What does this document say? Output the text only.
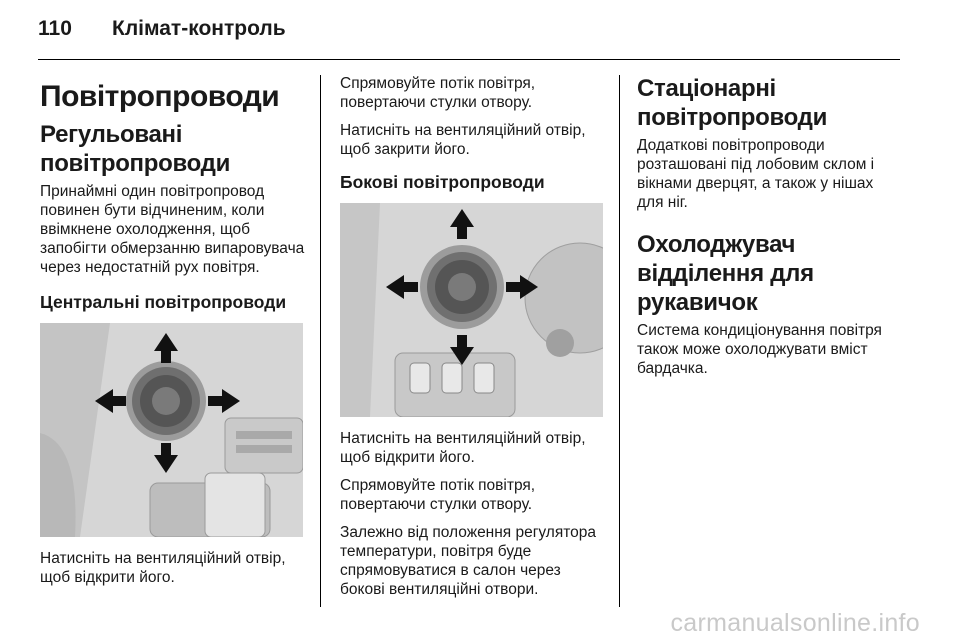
110	Клімат-контроль
Повітропроводи
Регульовані повітропроводи

Принаймні один повітропровод повинен бути відчиненим, коли ввімкнене охолодження, щоб запобігти обмерзанню випаровувача через недостатній рух повітря.

Центральні повітропроводи

Натисніть на вентиляційний отвір, щоб відкрити його.

Спрямовуйте потік повітря, повертаючи стулки отвору.

Натисніть на вентиляційний отвір, щоб закрити його.

Бокові повітропроводи

Натисніть на вентиляційний отвір, щоб відкрити його.

Спрямовуйте потік повітря, повертаючи стулки отвору.

Залежно від положення регулятора температури, повітря буде спрямовуватися в салон через бокові вентиляційні отвори.

Стаціонарні повітропроводи

Додаткові повітропроводи розташовані під лобовим склом і вікнами дверцят, а також у нішах для ніг.

Охолоджувач відділення для рукавичок

Система кондиціонування повітря також може охолоджувати вміст бардачка.

carmanualsonline.info
